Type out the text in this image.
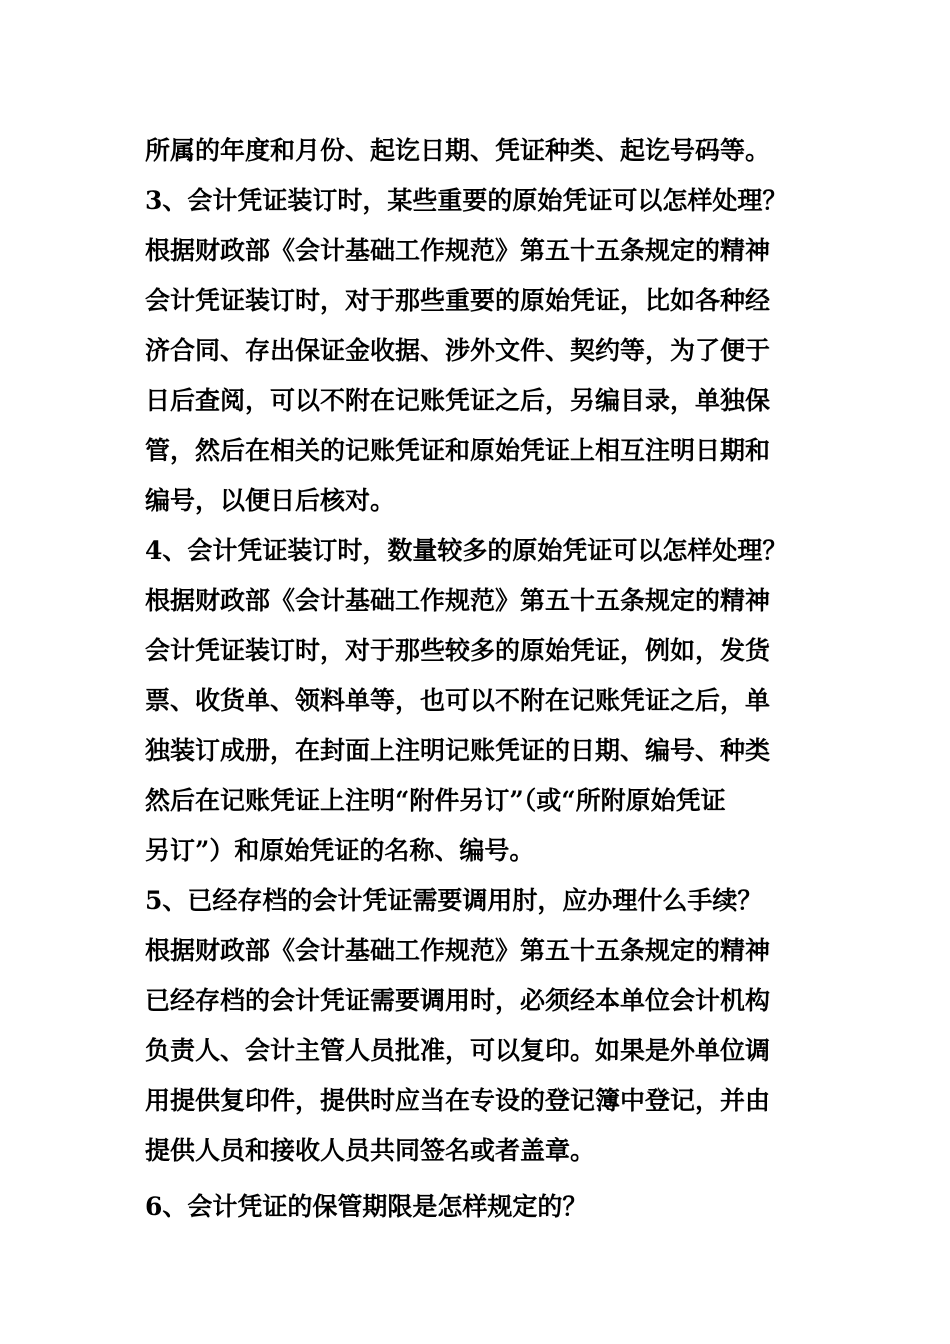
所属的年度和月份、起讫日期、凭证种类、起讫号码等。
3、会计凭证装订时，某些重要的原始凭证可以怎样处理？
根据财政部《会计基础工作规范》第五十五条规定的精神
会计凭证装订时，对于那些重要的原始凭证，比如各种经
济合同、存出保证金收据、涉外文件、契约等，为了便于
日后查阅，可以不附在记账凭证之后，另编目录，单独保
管，然后在相关的记账凭证和原始凭证上相互注明日期和
编号，以便日后核对。
4、会计凭证装订时，数量较多的原始凭证可以怎样处理？
根据财政部《会计基础工作规范》第五十五条规定的精神
会计凭证装订时，对于那些较多的原始凭证，例如，发货
票、收货单、领料单等，也可以不附在记账凭证之后，单
独装订成册，在封面上注明记账凭证的日期、编号、种类
然后在记账凭证上注明“附件另订”（或“所附原始凭证
另订”）和原始凭证的名称、编号。
5、已经存档的会计凭证需要调用肘，应办理什么手续？
根据财政部《会计基础工作规范》第五十五条规定的精神
已经存档的会计凭证需要调用时，必须经本单位会计机构
负责人、会计主管人员批准，可以复印。如果是外单位调
用提供复印件，提供时应当在专设的登记簿中登记，并由
提供人员和接收人员共同签名或者盖章。
6、会计凭证的保管期限是怎样规定的？
